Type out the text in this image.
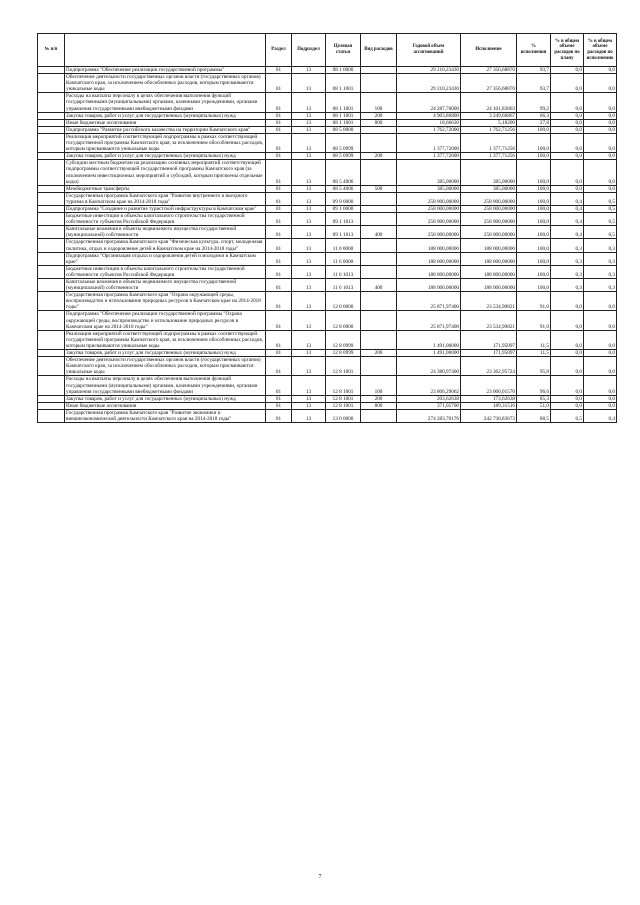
№ п/п		Раздел	Подраздел	Целевая статья	Вид расходов	Годовой объем ассигнований	Исполнение	% исполнения	% в общем объеме расходов по плану	% в общем объеме расходов по исполнению
	Подпрограмма "Обеспечение реализации государственной программы"	01	13	08 1 0000		29 210,23430	27 356,68870	93,7	0,0	0,0
	Обеспечение деятельности государственных органов власти (государственных органов) Камчатского края, за исключением обособленных расходов, которым присваиваются уникальные коды	01	13	08 1 1001		29 210,23430	27 356,68870	93,7	0,0	0,0
	Расходы на выплаты персоналу в целях обеспечения выполнения функций государственными (муниципальными) органами, казенными учреждениями, органами управления государственными внебюджетными фондами	01	13	08 1 1001	100	24 287,70000	24 101,83803	99,2	0,0	0,0
	Закупка товаров, работ и услуг для государственных (муниципальных) нужд	01	13	08 1 1001	200	4 903,86800	3 249,66867	66,3	0,0	0,0
	Иные бюджетные ассигнования	01	13	08 1 1001	800	18,66630	5,18200	27,8	0,0	0,0
	Подпрограмма "Развитие российского казачества на территории Камчатского края"	01	13	08 5 0000		1 762,72000	1 762,71256	100,0	0,0	0,0
	Реализация мероприятий соответствующей подпрограммы в рамках соответствующей государственной программы Камчатского края, за исключением обособленных расходов, которым присваиваются уникальные коды	01	13	08 5 0999		1 377,72000	1 377,71256	100,0	0,0	0,0
	Закупка товаров, работ и услуг для государственных (муниципальных) нужд	01	13	08 5 0999	200	1 377,72000	1 377,71256	100,0	0,0	0,0
	Субсидии местным бюджетам на реализацию основных мероприятий соответствующей подпрограммы соответствующей государственной программы Камчатского края (за исключением инвестиционных мероприятий и субсидий, которым присвоены отдельные коды)	01	13	08 5 4006		385,00000	385,00000	100,0	0,0	0,0
	Межбюджетные трансферты	01	13	08 5 4006	500	385,00000	385,00000	100,0	0,0	0,0
	Государственная программа Камчатского края "Развитие внутреннего и въездного туризма в Камчатском крае на 2014-2018 годы"	01	13	09 0 0000		258 000,00000	258 000,00000	100,0	0,4	0,5
	Подпрограмма "Создание и развитие туристской инфраструктуры в Камчатском крае"	01	13	09 1 0000		258 000,00000	258 000,00000	100,0	0,4	0,5
	Бюджетные инвестиции в объекты капитального строительства государственной собственности субъектов Российской Федерации	01	13	09 1 1013		258 000,00000	258 000,00000	100,0	0,4	0,5
	Капитальные вложения в объекты недвижимого имущества государственной (муниципальной) собственности	01	13	09 1 1013	400	258 000,00000	258 000,00000	100,0	0,4	0,5
	Государственная программа Камчатского края "Физическая культура, спорт, молодежная политика, отдых и оздоровление детей в Камчатском крае на 2014-2018 годы"	01	13	11 0 0000		188 000,00000	188 000,00000	100,0	0,3	0,3
	Подпрограмма "Организация отдыха и оздоровления детей и молодежи в Камчатском крае"	01	13	11 6 0000		188 000,00000	188 000,00000	100,0	0,3	0,3
	Бюджетные инвестиции в объекты капитального строительства государственной собственности субъектов Российской Федерации	01	13	11 6 1013		188 000,00000	188 000,00000	100,0	0,3	0,3
	Капитальные вложения в объекты недвижимого имущества государственной (муниципальной) собственности	01	13	11 6 1013	400	188 000,00000	188 000,00000	100,0	0,3	0,3
	Государственная программа Камчатского края "Охрана окружающей среды, воспроизводство и использование природных ресурсов в Камчатском крае на 2014-2018 годы"	01	13	12 0 0000		25 871,97400	23 534,90821	91,0	0,0	0,0
	Подпрограмма "Обеспечение реализации государственной программы "Охрана окружающей среды, воспроизводство и использование природных ресурсов в Камчатском крае на 2014-2018 годы"	01	13	12 8 0000		25 871,97400	23 534,90821	91,0	0,0	0,0
	Реализация мероприятий соответствующей подпрограммы в рамках соответствующей государственной программы Камчатского края, за исключением обособленных расходов, которым присваиваются уникальные коды	01	13	12 8 0999		1 491,00000	171,95097	11,5	0,0	0,0
	Закупка товаров, работ и услуг для государственных (муниципальных) нужд	01	13	12 8 0999	200	1 491,00000	171,95097	11,5	0,0	0,0
	Обеспечение деятельности государственных органов власти (государственных органов) Камчатского края, за исключением обособленных расходов, которым присваиваются уникальные коды	01	13	12 8 1001		24 380,97400	23 362,95724	95,8	0,0	0,0
	Расходы на выплаты персоналу в целях обеспечения выполнения функций государственными (муниципальными) органами, казенными учреждениями, органами управления государственными внебюджетными фондами	01	13	12 8 1001	100	23 806,29062	23 000,01570	96,6	0,0	0,0
	Закупка товаров, работ и услуг для государственных (муниципальных) нужд	01	13	12 8 1001	200	203,62638	173,62638	85,3	0,0	0,0
	Иные бюджетные ассигнования	01	13	12 8 1001	800	371,05700	189,31516	51,0	0,0	0,0
	Государственная программа Камчатского края "Развитие экономики и внешнеэкономической деятельности Камчатского края на 2014-2018 годы"	01	13	13 0 0000		274 283,70176	242 730,83673	88,5	0,5	0,4
7
